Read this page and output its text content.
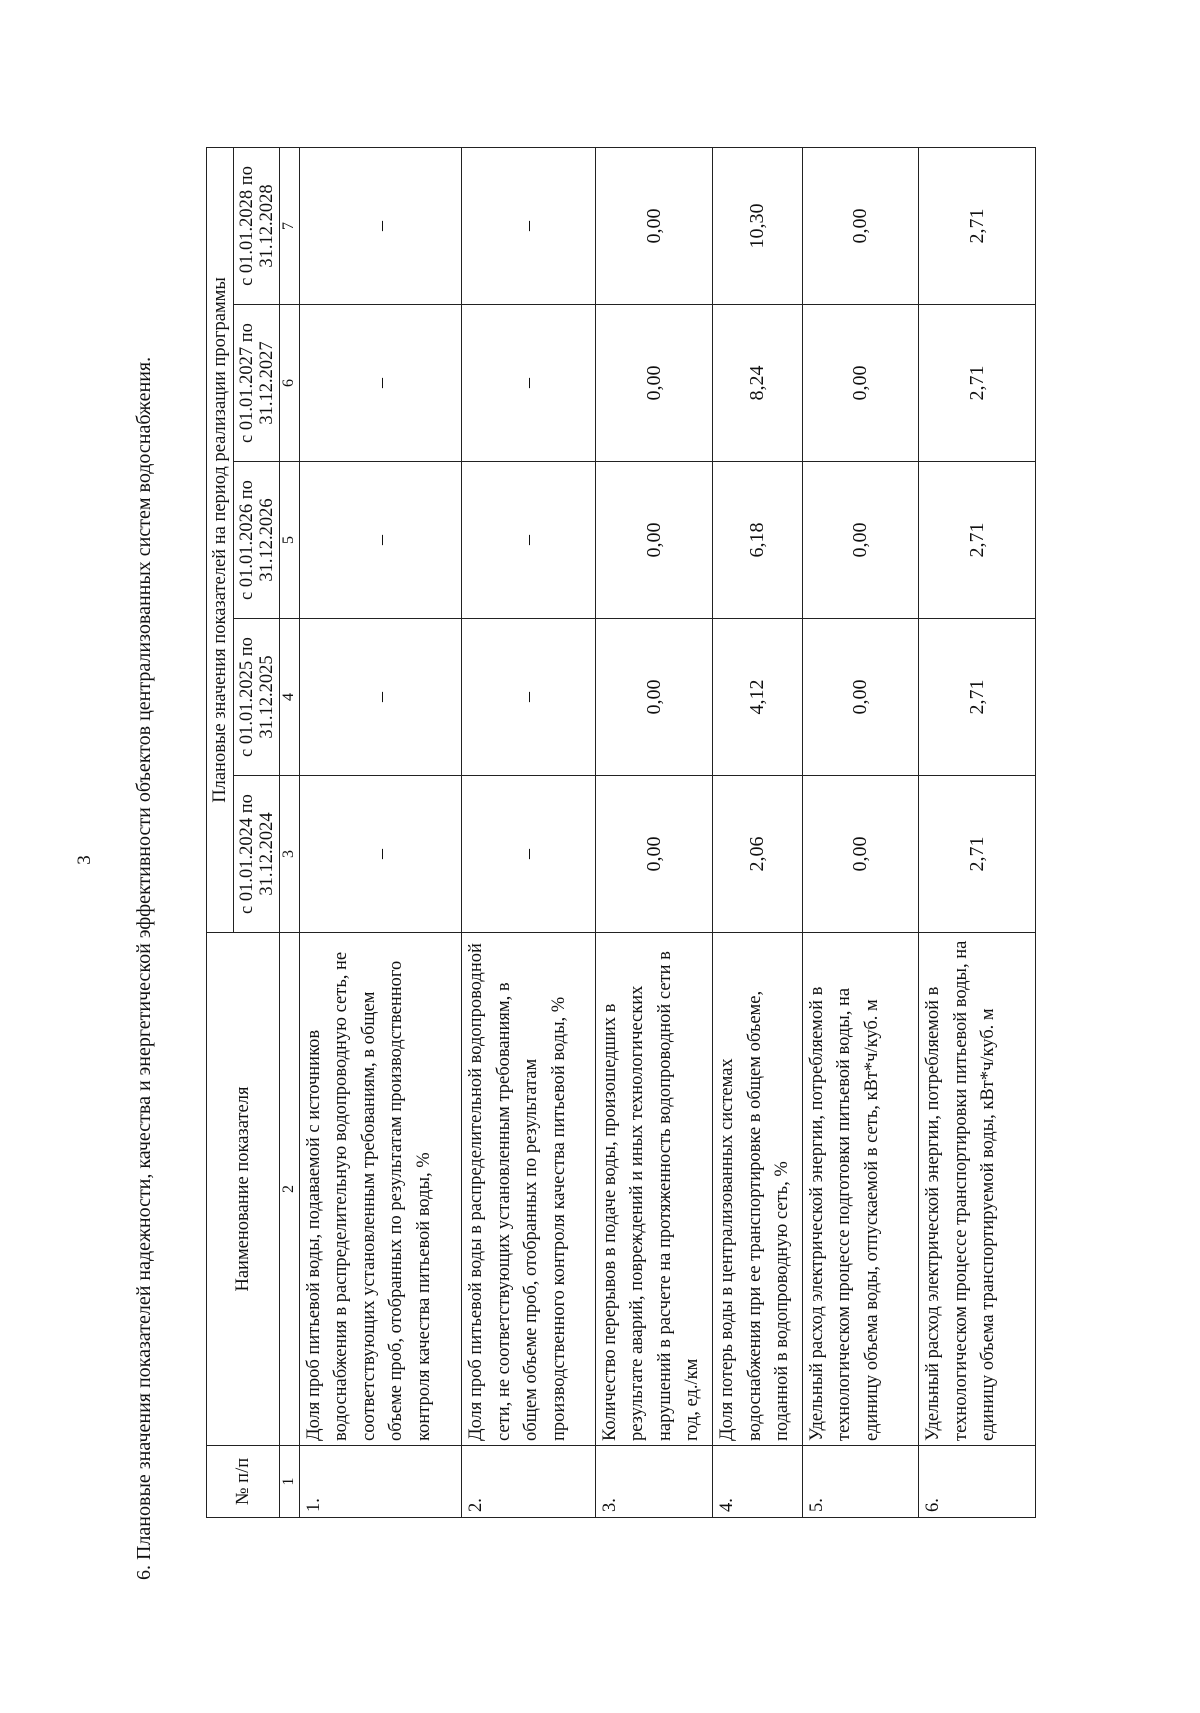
3 6. Плановые значения показателей надежности, качества и энергетической эффективности объектов централизованных систем водоснабжения.	№ п/п	Наименование показателя	Плановые значения показателей на период реализации программы				
		с 01.01.2024 по 31.12.2024	с 01.01.2025 по 31.12.2025	с 01.01.2026 по 31.12.2026	с 01.01.2027 по 31.12.2027	с 01.01.2028 по 31.12.2028
1	2	3	4	5	6	7
1.	Доля проб питьевой воды, подаваемой с источников водоснабжения в распределительную водопроводную сеть, не соответствующих установленным требованиям, в общем объеме проб, отобранных по результатам производственного контроля качества питьевой воды, %	–	–	–	–	–
2.	Доля проб питьевой воды в распределительной водопроводной сети, не соответствующих установленным требованиям, в общем объеме проб, отобранных по результатам производственного контроля качества питьевой воды, %	–	–	–	–	–
3.	Количество перерывов в подаче воды, произошедших в результате аварий, повреждений и иных технологических нарушений в расчете на протяженность водопроводной сети в год, ед./км	0,00	0,00	0,00	0,00	0,00
4.	Доля потерь воды в централизованных системах водоснабжения при ее транспортировке в общем объеме, поданной в водопроводную сеть, %	2,06	4,12	6,18	8,24	10,30
5.	Удельный расход электрической энергии, потребляемой в технологическом процессе подготовки питьевой воды, на единицу объема воды, отпускаемой в сеть, кВт*ч/куб. м	0,00	0,00	0,00	0,00	0,00
6.	Удельный расход электрической энергии, потребляемой в технологическом процессе транспортировки питьевой воды, на единицу объема транспортируемой воды, кВт*ч/куб. м	2,71	2,71	2,71	2,71	2,71
